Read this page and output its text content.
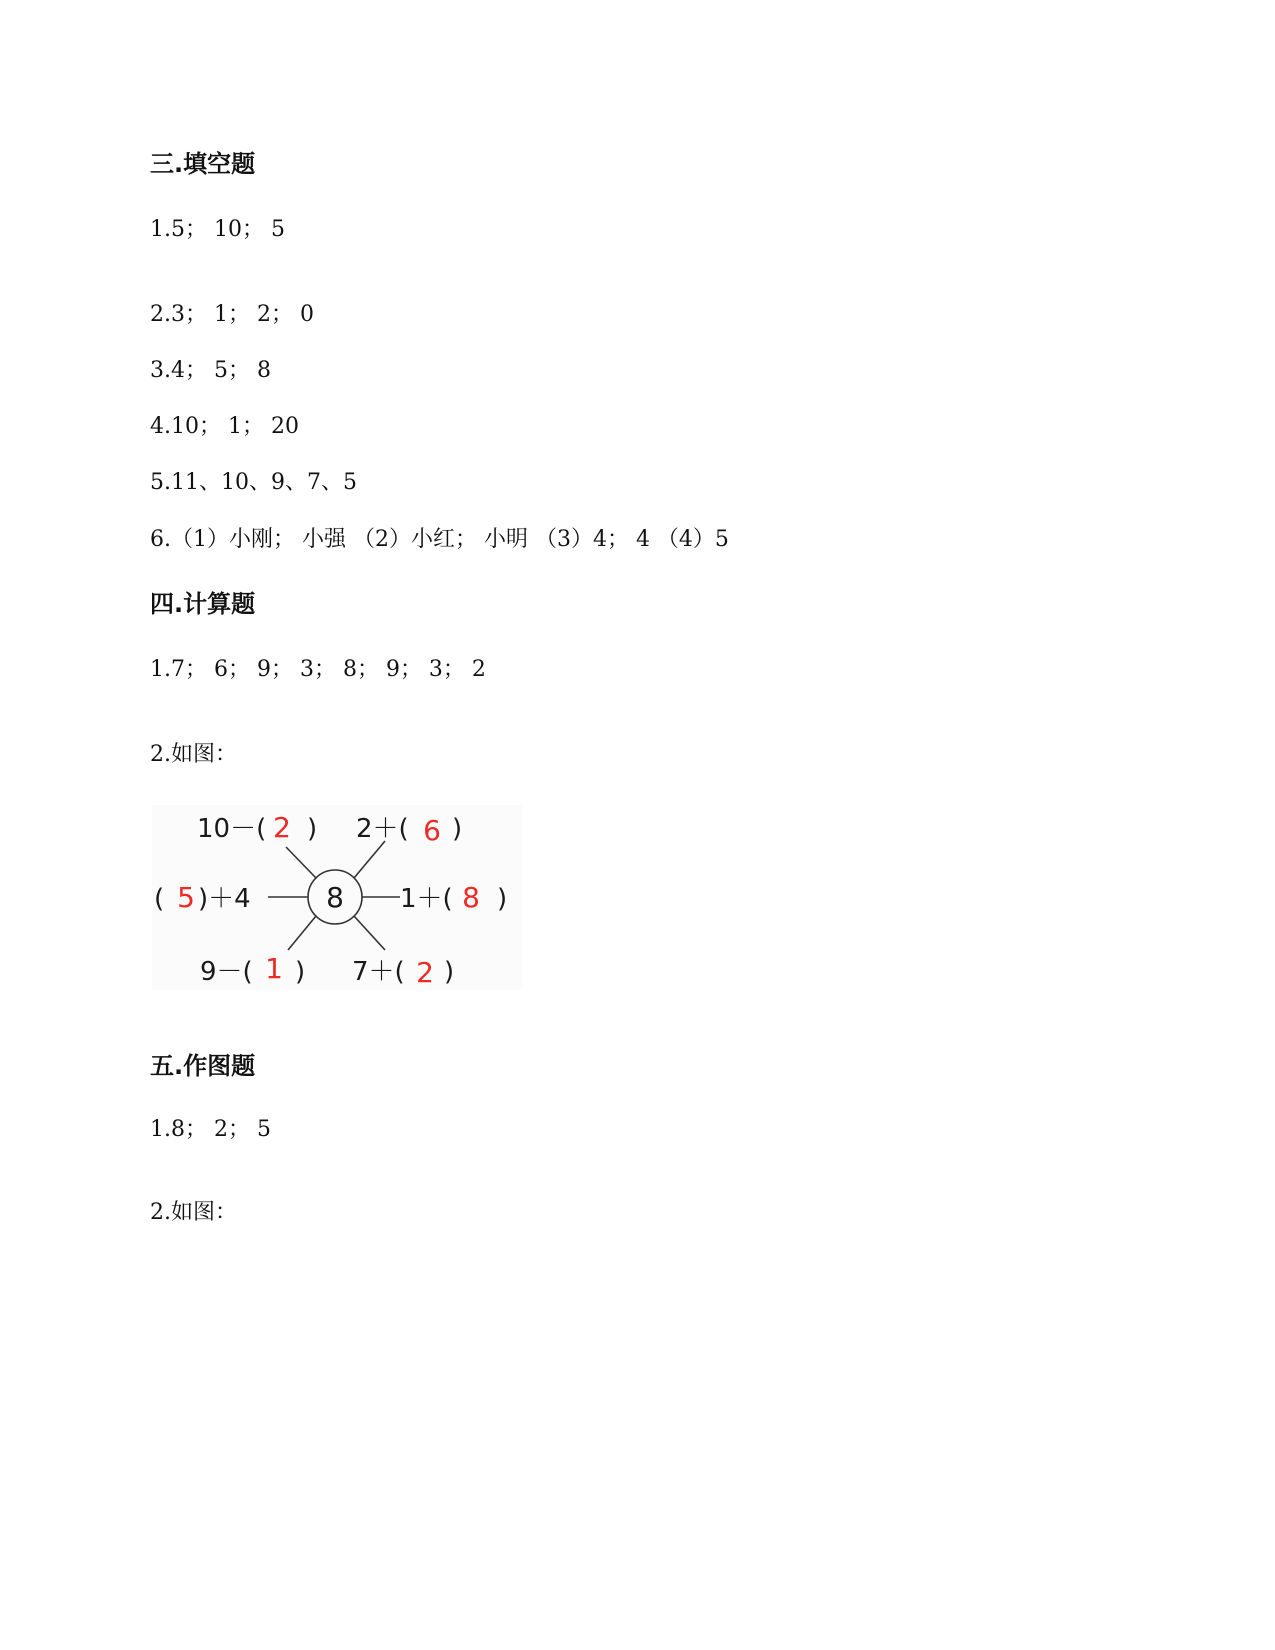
三.填空题
1.5； 10； 5
2.3； 1； 2； 0
3.4； 5； 8
4.10； 1； 20
5.11、10、9、7、5
6.（1）小刚； 小强 （2）小红； 小明 （3）4； 4 （4）5
四.计算题
1.7； 6； 9； 3； 8； 9； 3； 2
2.如图：
8
10－( 2 ) 2＋( 6 )
( 5 )＋4	1＋( 8 )
9－( 1 ) 7＋( 2 )
五.作图题
1.8； 2； 5
2.如图：
